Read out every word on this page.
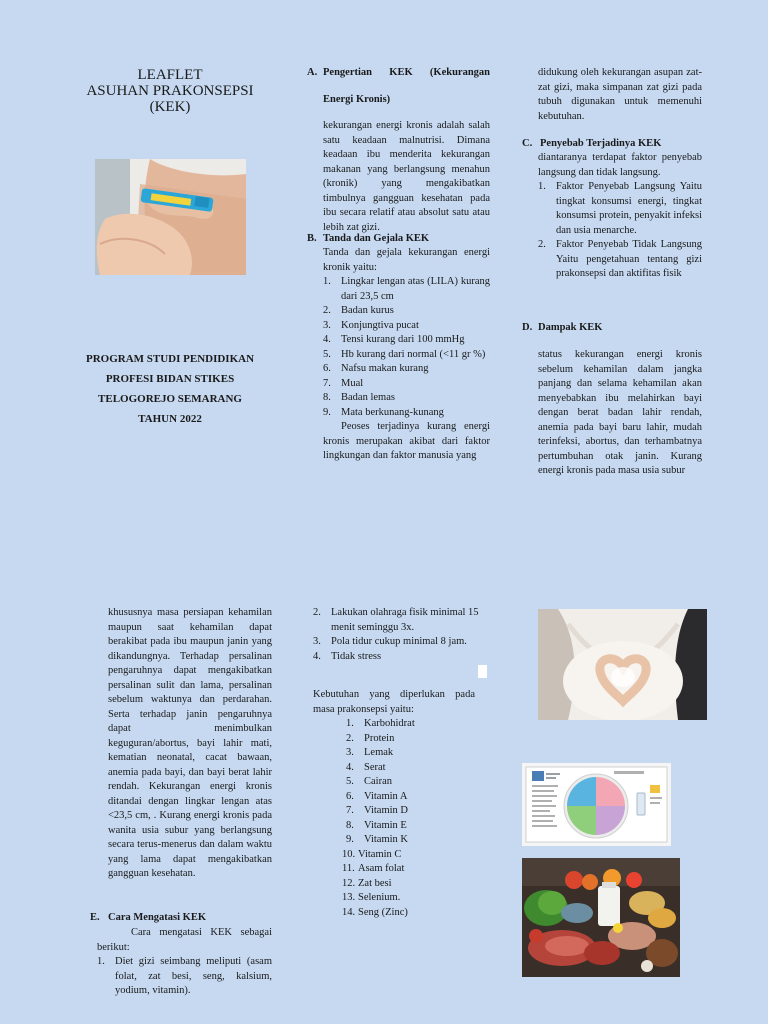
LEAFLET
ASUHAN PRAKONSEPSI
(KEK)
PROGRAM STUDI PENDIDIKAN
PROFESI BIDAN STIKES
TELOGOREJO SEMARANG
TAHUN 2022
A. Pengertian KEK (Kekurangan
Energi Kronis)

kekurangan energi kronis adalah salah satu keadaan malnutrisi. Dimana keadaan ibu menderita kekurangan makanan yang berlangsung menahun (kronik) yang mengakibatkan timbulnya gangguan kesehatan pada ibu secara relatif atau absolut satu atau lebih zat gizi.

B. Tanda dan Gejala KEK

Tanda dan gejala kekurangan energi kronik yaitu:

1. Lingkar lengan atas (LILA) kurang dari 23,5 cm
2. Badan kurus
3. Konjungtiva pucat
4. Tensi kurang dari 100 mmHg
5. Hb kurang dari normal (<11 gr %)
6. Nafsu makan kurang
7. Mual
8. Badan lemas
9. Mata berkunang-kunang

Peoses terjadinya kurang energi kronis merupakan akibat dari faktor lingkungan dan faktor manusia yang

didukung oleh kekurangan asupan zat-zat gizi, maka simpanan zat gizi pada tubuh digunakan untuk memenuhi kebutuhan.

C. Penyebab Terjadinya KEK

diantaranya terdapat faktor penyebab langsung dan tidak langsung.

1. Faktor Penyebab Langsung Yaitu tingkat konsumsi energi, tingkat konsumsi protein, penyakit infeksi dan usia menarche.
2. Faktor Penyebab Tidak Langsung Yaitu pengetahuan tentang gizi prakonsepsi dan aktifitas fisik
D. Dampak KEK

status kekurangan energi kronis sebelum kehamilan dalam jangka panjang dan selama kehamilan akan menyebabkan ibu melahirkan bayi dengan berat badan lahir rendah, anemia pada bayi baru lahir, mudah terinfeksi, abortus, dan terhambatnya pertumbuhan otak janin. Kurang energi kronis pada masa usia subur

khususnya masa persiapan kehamilan maupun saat kehamilan dapat berakibat pada ibu maupun janin yang dikandungnya. Terhadap persalinan pengaruhnya dapat mengakibatkan persalinan sulit dan lama, persalinan sebelum waktunya dan perdarahan. Serta terhadap janin pengaruhnya dapat menimbulkan keguguran/abortus, bayi lahir mati, kematian neonatal, cacat bawaan, anemia pada bayi, dan bayi berat lahir rendah. Kekurangan energi kronis ditandai dengan lingkar lengan atas <23,5 cm, . Kurang energi kronis pada wanita usia subur yang berlangsung secara terus-menerus dan dalam waktu yang lama dapat mengakibatkan gangguan kesehatan.

E. Cara Mengatasi KEK

Cara mengatasi KEK sebagai berikut:

1. Diet gizi seimbang meliputi (asam folat, zat besi, seng, kalsium, yodium, vitamin).
2. Lakukan olahraga fisik minimal 15 menit seminggu 3x.
3. Pola tidur cukup minimal 8 jam.
4. Tidak stress

Kebutuhan yang diperlukan pada masa prakonsepsi yaitu:

1. Karbohidrat
2. Protein
3. Lemak
4. Serat
5. Cairan
6. Vitamin A
7. Vitamin D
8. Vitamin E
9. Vitamin K
10. Vitamin C
11. Asam folat
12. Zat besi
13. Selenium.
14. Seng (Zinc)
